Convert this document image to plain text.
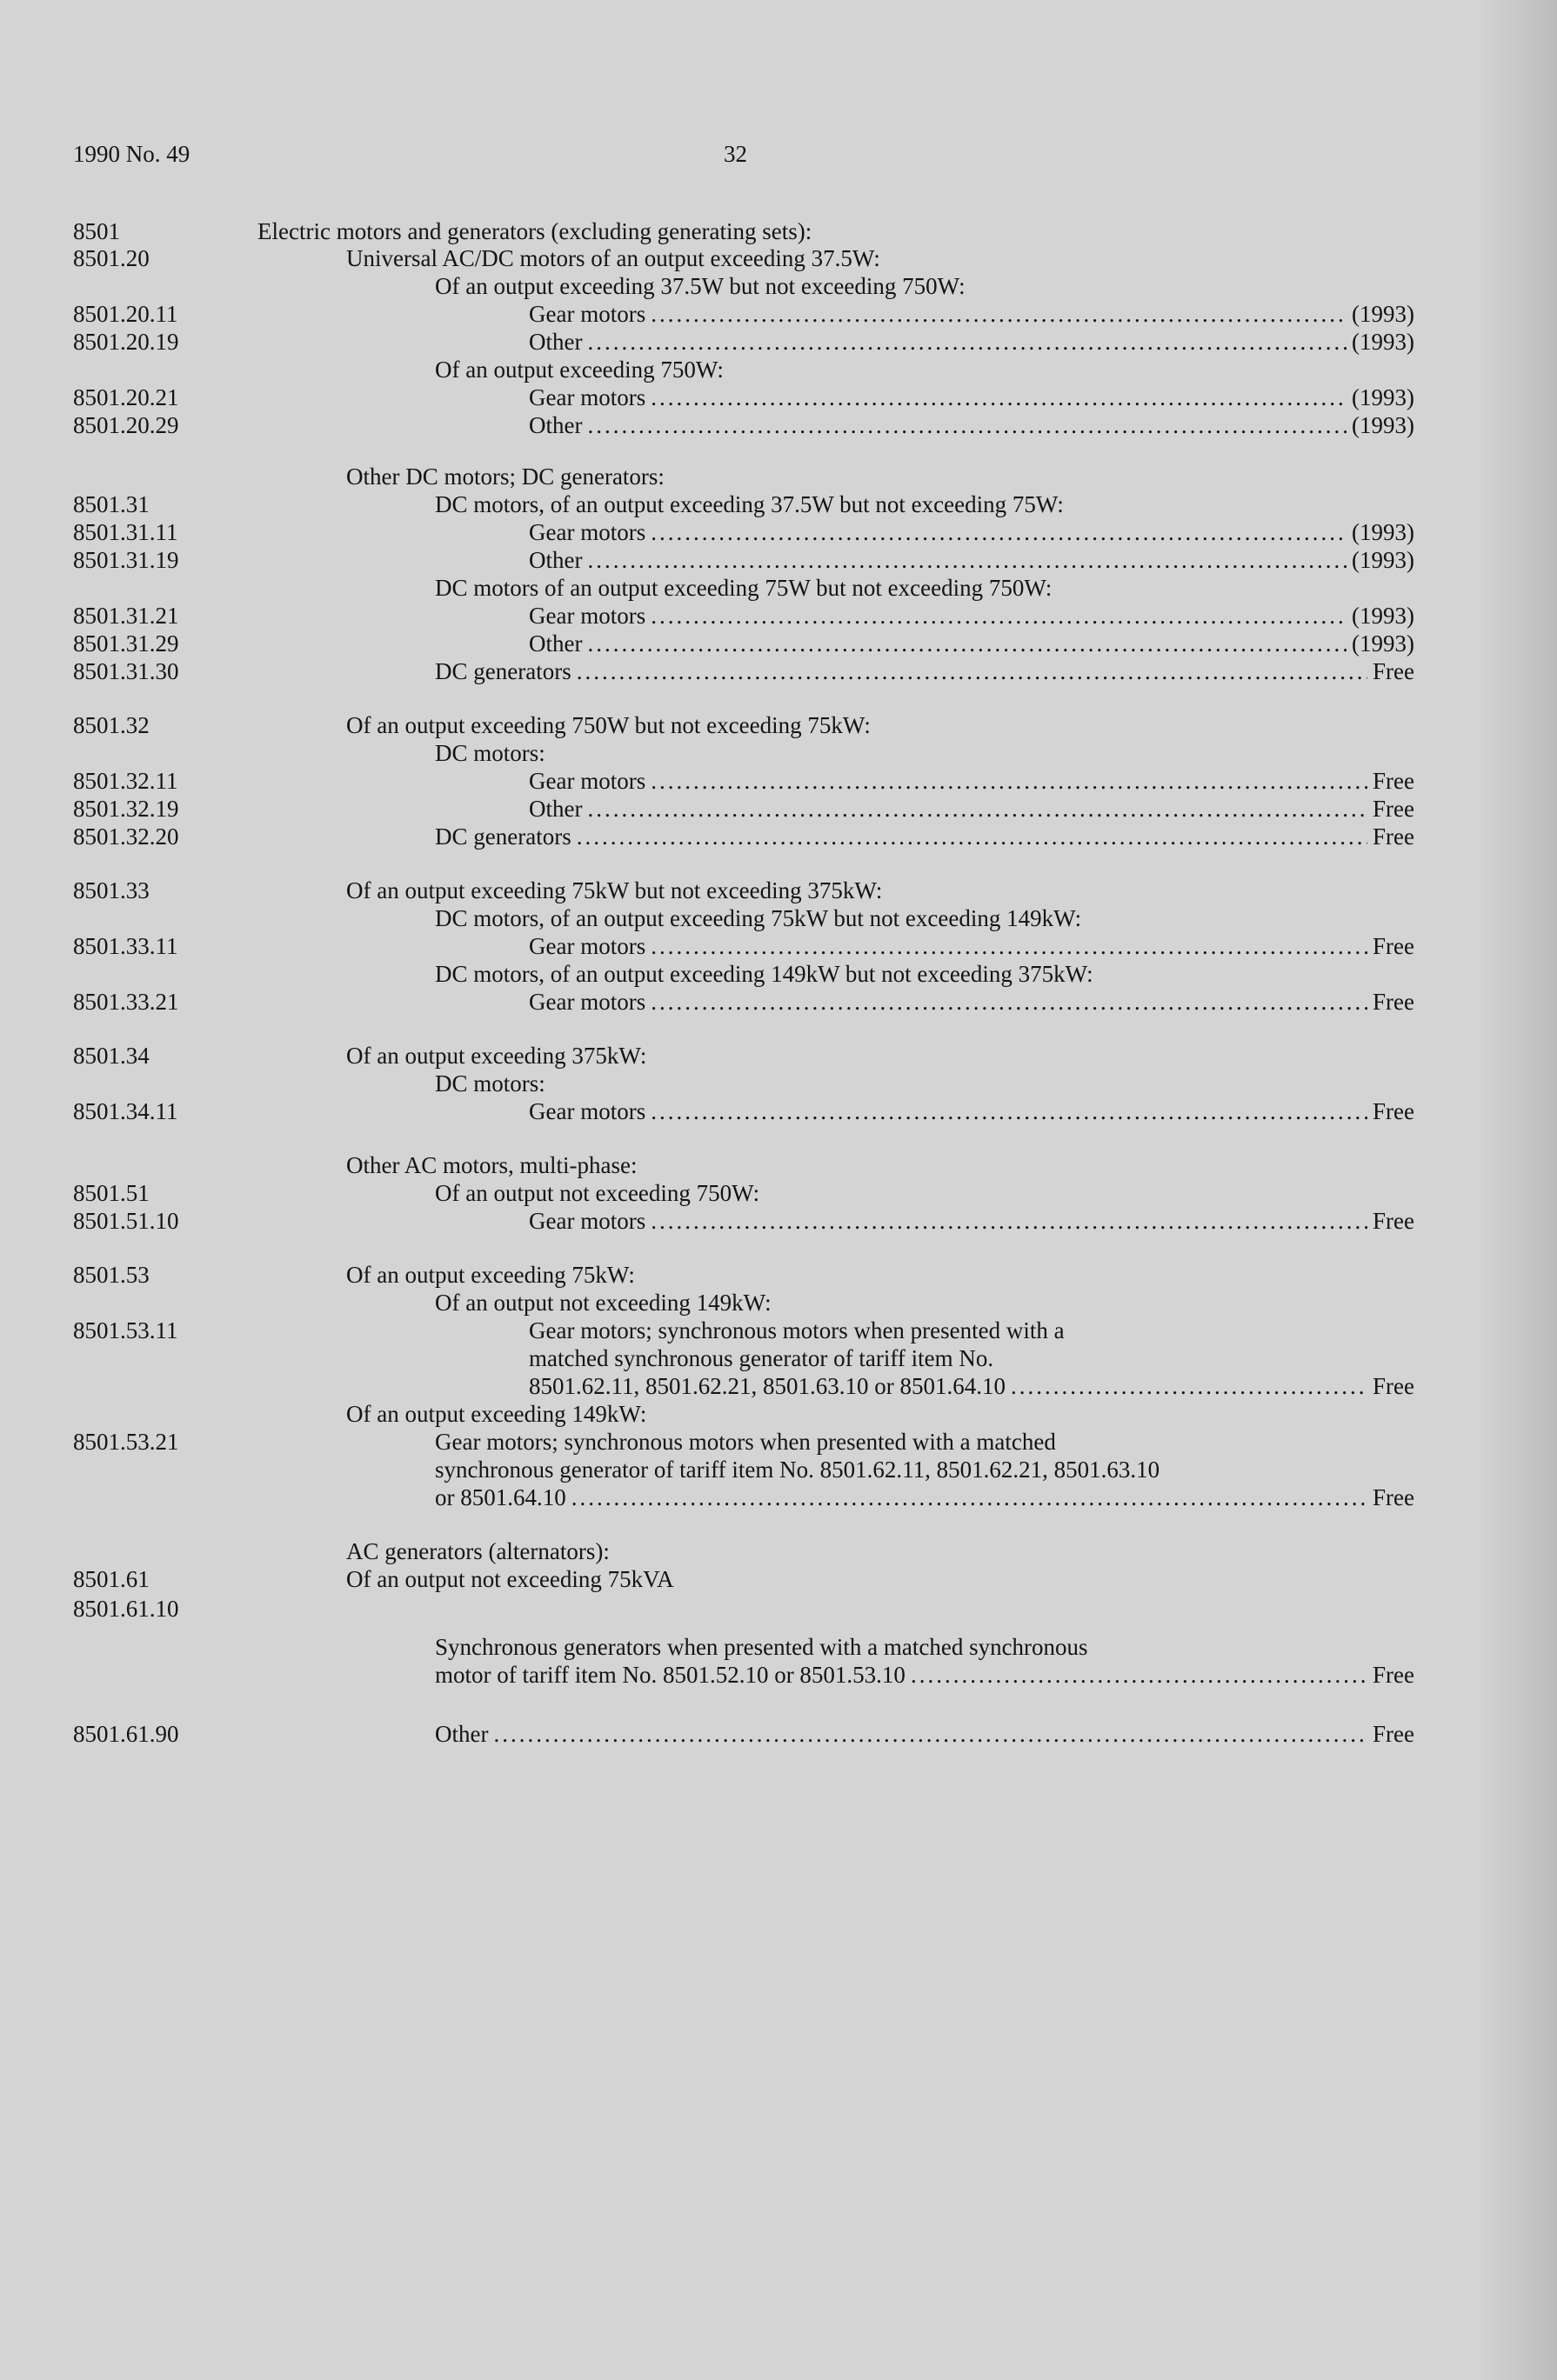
1990 No. 49	32
8501	Electric motors and generators (excluding generating sets):
8501.20	Universal AC/DC motors of an output exceeding 37.5W:
Of an output exceeding 37.5W but not exceeding 750W:
8501.20.11	Gear motors .....	(1993)
8501.20.19	Other .....	(1993)
Of an output exceeding 750W:
8501.20.21	Gear motors .....	(1993)
8501.20.29	Other .....	(1993)
Other DC motors; DC generators:
8501.31	DC motors, of an output exceeding 37.5W but not exceeding 75W:
8501.31.11	Gear motors .....	(1993)
8501.31.19	Other .....	(1993)
DC motors of an output exceeding 75W but not exceeding 750W:
8501.31.21	Gear motors .....	(1993)
8501.31.29	Other .....	(1993)
8501.31.30	DC generators .....	Free
8501.32	Of an output exceeding 750W but not exceeding 75kW:
DC motors:
8501.32.11	Gear motors .....	Free
8501.32.19	Other .....	Free
8501.32.20	DC generators .....	Free
8501.33	Of an output exceeding 75kW but not exceeding 375kW:
DC motors, of an output exceeding 75kW but not exceeding 149kW:
8501.33.11	Gear motors .....	Free
DC motors, of an output exceeding 149kW but not exceeding 375kW:
8501.33.21	Gear motors .....	Free
8501.34	Of an output exceeding 375kW:
DC motors:
8501.34.11	Gear motors .....	Free
Other AC motors, multi-phase:
8501.51	Of an output not exceeding 750W:
8501.51.10	Gear motors .....	Free
8501.53	Of an output exceeding 75kW:
Of an output not exceeding 149kW:
8501.53.11	Gear motors; synchronous motors when presented with a
matched synchronous generator of tariff item No.
8501.62.11, 8501.62.21, 8501.63.10 or 8501.64.10 .....	Free
Of an output exceeding 149kW:
8501.53.21	Gear motors; synchronous motors when presented with a matched
synchronous generator of tariff item No. 8501.62.11, 8501.62.21, 8501.63.10
or 8501.64.10 .....	Free
AC generators (alternators):
8501.61	Of an output not exceeding 75kVA
8501.61.10
Synchronous generators when presented with a matched synchronous
motor of tariff item No. 8501.52.10 or 8501.53.10 .....	Free
8501.61.90	Other .....	Free
